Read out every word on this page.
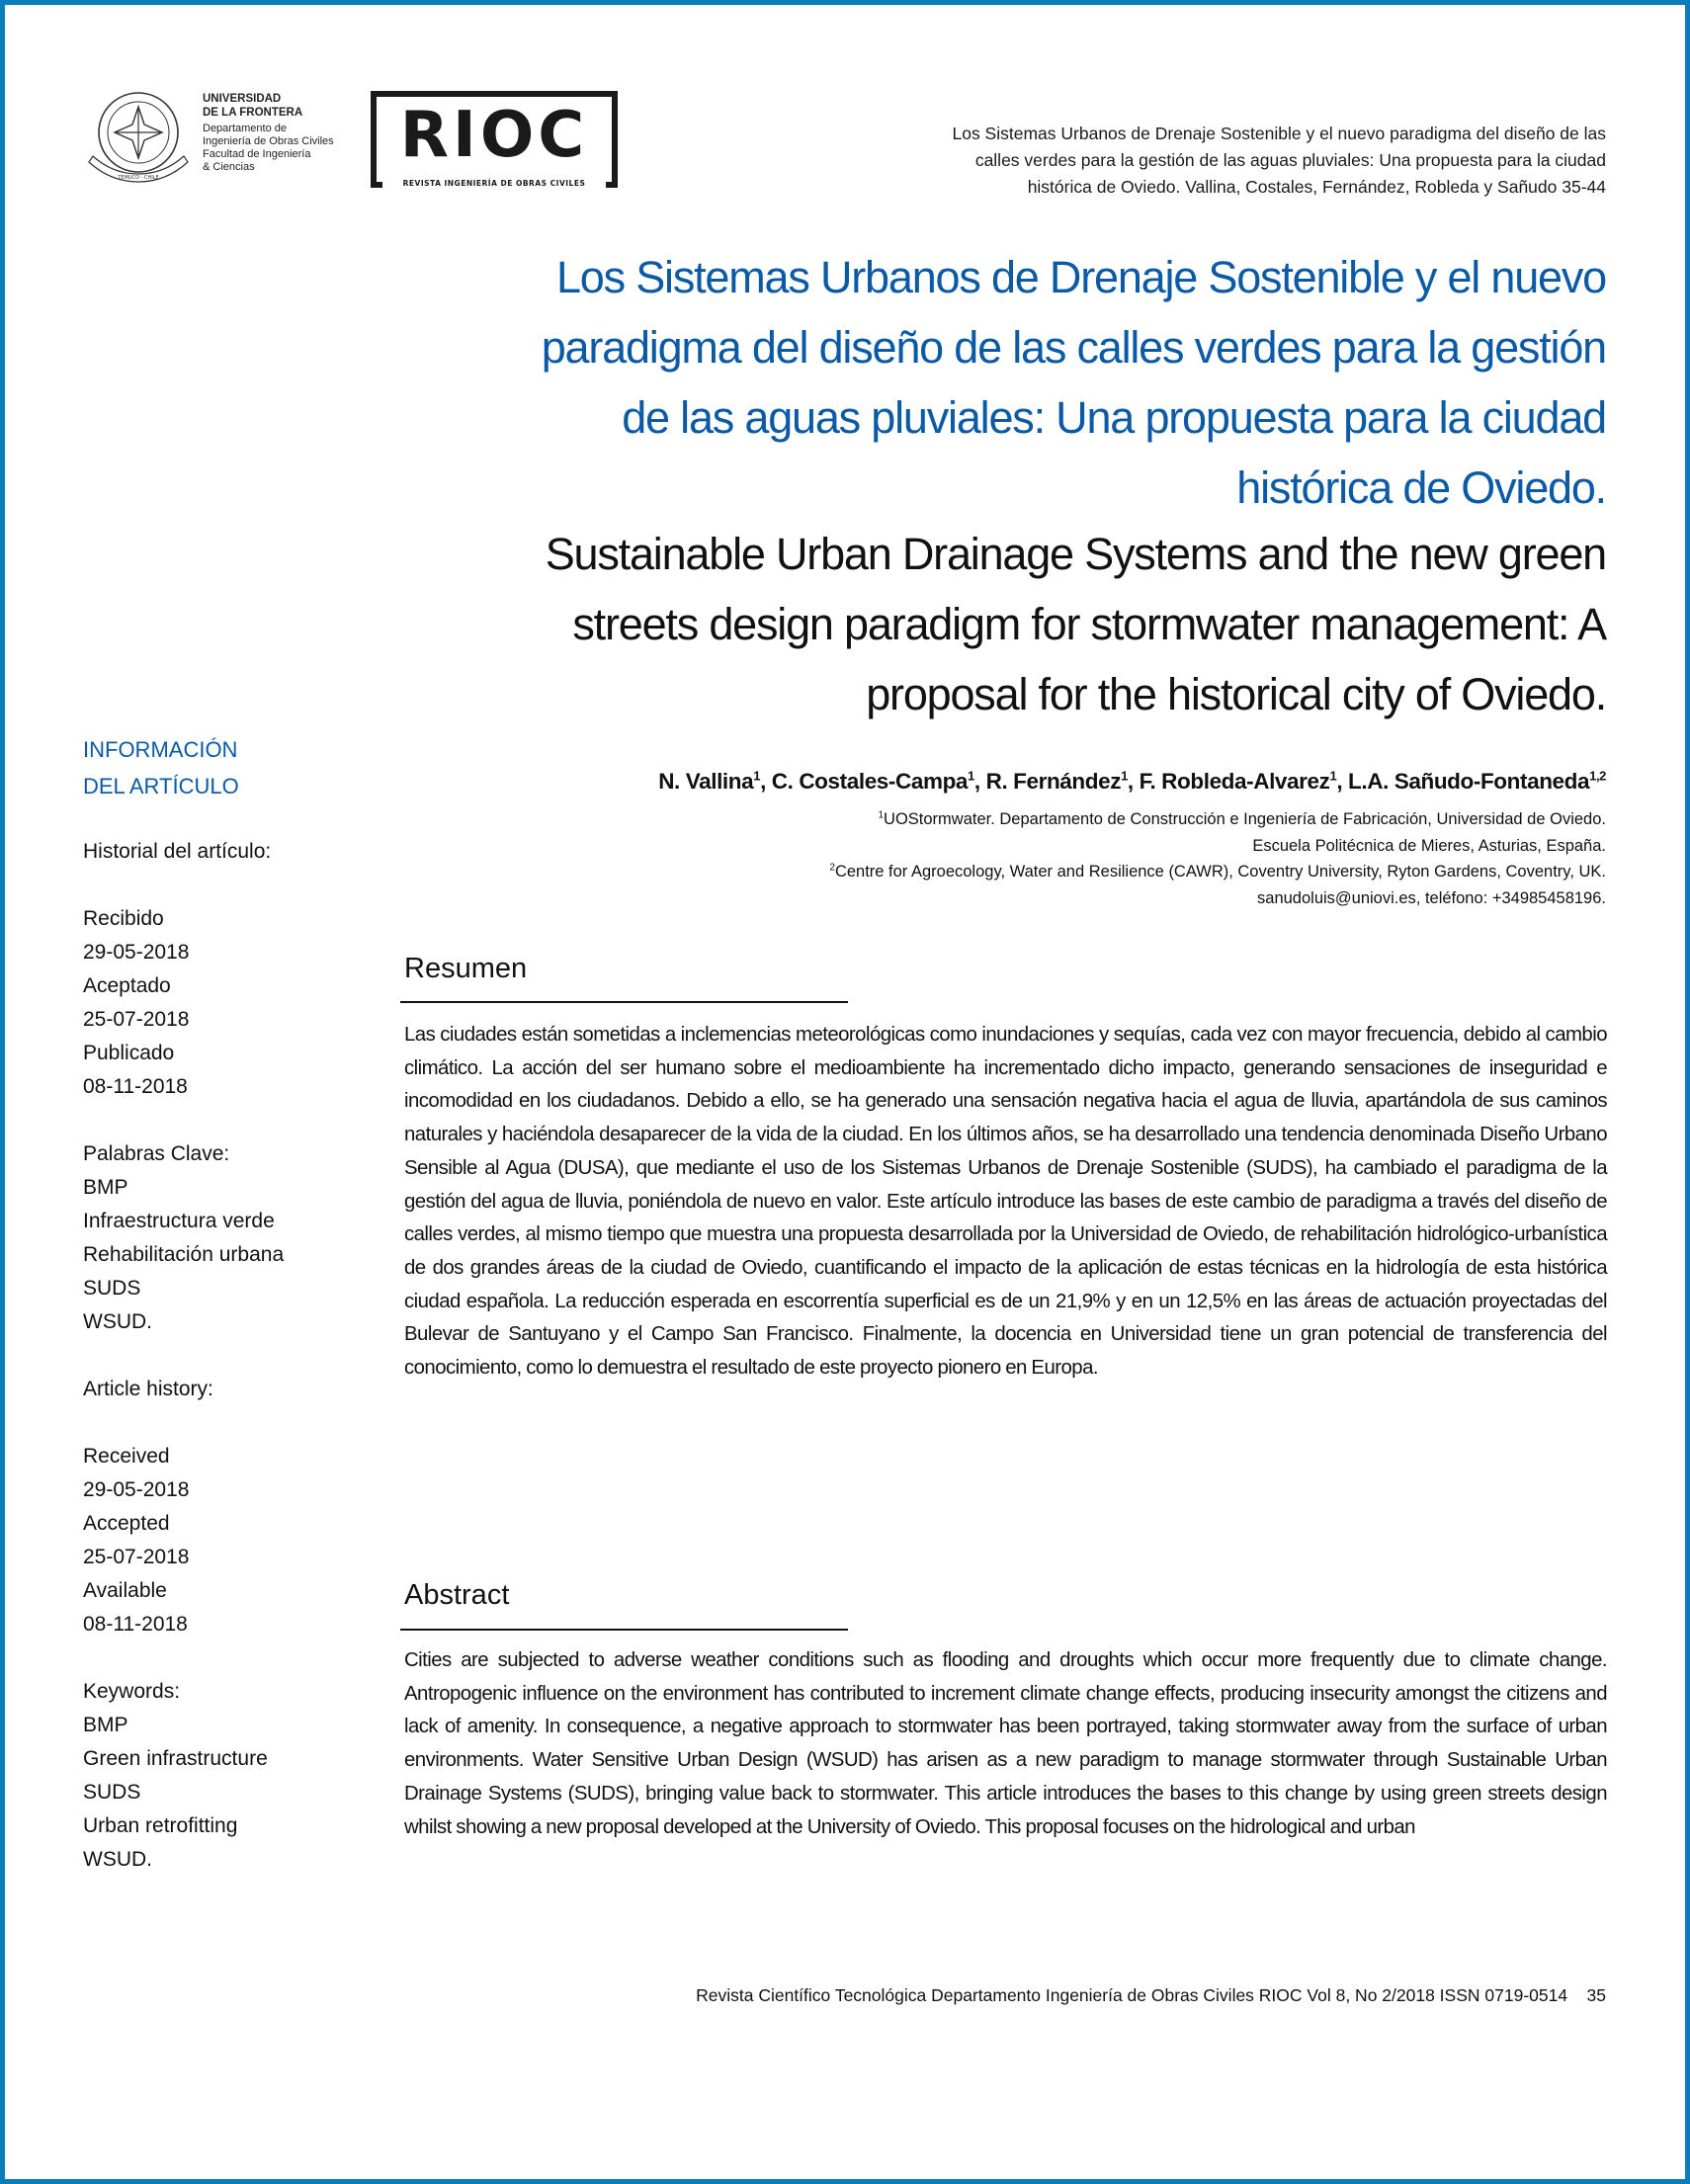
TEMUCO - CHILE
UNIVERSIDAD
DE LA FRONTERA
Departamento de
Ingeniería de Obras Civiles
Facultad de Ingeniería
& Ciencias	RIOC
REVISTA INGENIERÍA DE OBRAS CIVILES
Los Sistemas Urbanos de Drenaje Sostenible y el nuevo paradigma del diseño de las
calles verdes para la gestión de las aguas pluviales: Una propuesta para la ciudad
histórica de Oviedo. Vallina, Costales, Fernández, Robleda y Sañudo 35-44
Los Sistemas Urbanos de Drenaje Sostenible y el nuevo
paradigma del diseño de las calles verdes para la gestión
de las aguas pluviales: Una propuesta para la ciudad
histórica de Oviedo.
Sustainable Urban Drainage Systems and the new green
streets design paradigm for stormwater management: A
proposal for the historical city of Oviedo.
N. Vallina$^1$, C. Costales-Campa$^1$, R. Fernández$^1$, F. Robleda-Alvarez$^1$, L.A. Sañudo-Fontaneda$^{1,2}$
$^1$UOStormwater. Departamento de Construcción e Ingeniería de Fabricación, Universidad de Oviedo.
Escuela Politécnica de Mieres, Asturias, España.
$^2$Centre for Agroecology, Water and Resilience (CAWR), Coventry University, Ryton Gardens, Coventry, UK.
sanudoluis@uniovi.es, teléfono: +34985458196.
INFORMACIÓN
DEL ARTÍCULO
Historial del artículo:
Recibido
29-05-2018
Aceptado
25-07-2018
Publicado
08-11-2018
Palabras Clave:
BMP
Infraestructura verde
Rehabilitación urbana
SUDS
WSUD.
Article history:
Received
29-05-2018
Accepted
25-07-2018
Available
08-11-2018
Keywords:
BMP
Green infrastructure
SUDS
Urban retrofitting
WSUD.
Resumen

Las ciudades están sometidas a inclemencias meteorológicas como inundaciones y sequías, cada vez con mayor frecuencia, debido al cambio climático. La acción del ser humano sobre el medioambiente ha incrementado dicho impacto, generando sensaciones de inseguridad e incomodidad en los ciudadanos. Debido a ello, se ha generado una sensación negativa hacia el agua de lluvia, apartándola de sus caminos naturales y haciéndola desaparecer de la vida de la ciudad. En los últimos años, se ha desarrollado una tendencia denominada Diseño Urbano Sensible al Agua (DUSA), que mediante el uso de los Sistemas Urbanos de Drenaje Sostenible (SUDS), ha cambiado el paradigma de la gestión del agua de lluvia, poniéndola de nuevo en valor. Este artículo introduce las bases de este cambio de paradigma a través del diseño de calles verdes, al mismo tiempo que muestra una propuesta desarrollada por la Universidad de Oviedo, de rehabilitación hidrológico-urbanística de dos grandes áreas de la ciudad de Oviedo, cuantificando el impacto de la aplicación de estas técnicas en la hidrología de esta histórica ciudad española. La reducción esperada en escorrentía superficial es de un 21,9% y en un 12,5% en las áreas de actuación proyectadas del Bulevar de Santuyano y el Campo San Francisco. Finalmente, la docencia en Universidad tiene un gran potencial de transferencia del conocimiento, como lo demuestra el resultado de este proyecto pionero en Europa.

Abstract

Cities are subjected to adverse weather conditions such as flooding and droughts which occur more frequently due to climate change. Antropogenic influence on the environment has contributed to increment climate change effects, producing insecurity amongst the citizens and lack of amenity. In consequence, a negative approach to stormwater has been portrayed, taking stormwater away from the surface of urban environments. Water Sensitive Urban Design (WSUD) has arisen as a new paradigm to manage stormwater through Sustainable Urban Drainage Systems (SUDS), bringing value back to stormwater. This article introduces the bases to this change by using green streets design whilst showing a new proposal developed at the University of Oviedo. This proposal focuses on the hidrological and urban

Revista Científico Tecnológica Departamento Ingeniería de Obras Civiles RIOC Vol 8, No 2/2018 ISSN 0719-0514 35
